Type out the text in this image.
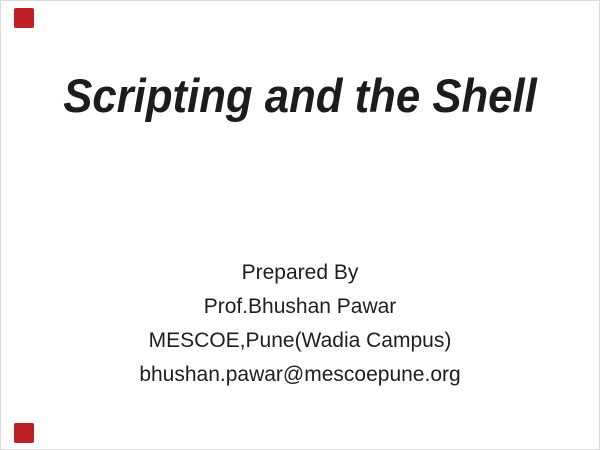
Scripting and the Shell
Prepared By
Prof.Bhushan Pawar
MESCOE,Pune(Wadia Campus)
bhushan.pawar@mescoepune.org
